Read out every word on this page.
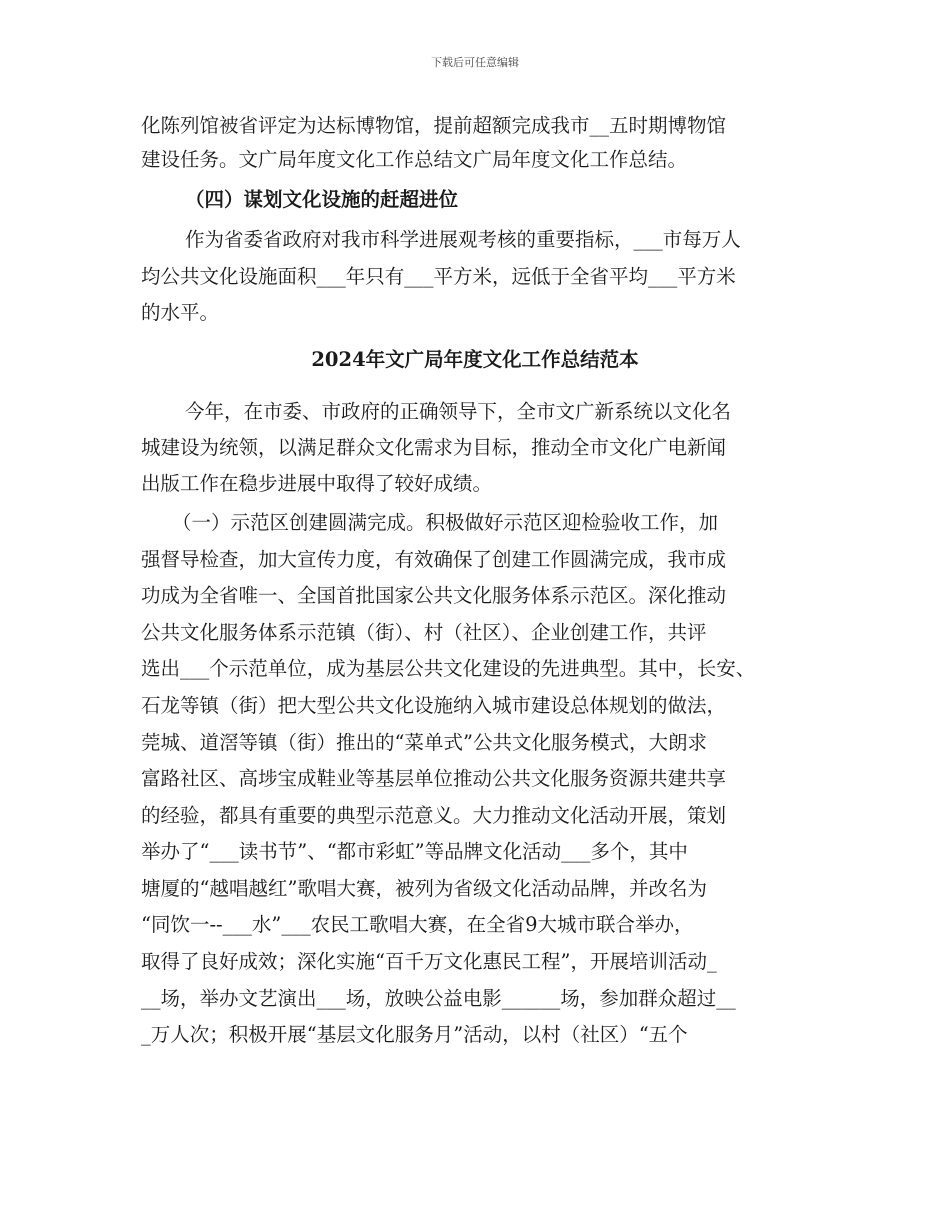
下载后可任意编辑
化陈列馆被省评定为达标博物馆，提前超额完成我市__五时期博物馆
建设任务。文广局年度文化工作总结文广局年度文化工作总结。
（四）谋划文化设施的赶超进位
作为省委省政府对我市科学进展观考核的重要指标，___市每万人
均公共文化设施面积___年只有___平方米，远低于全省平均___平方米
的水平。
2024年文广局年度文化工作总结范本
今年，在市委、市政府的正确领导下，全市文广新系统以文化名
城建设为统领，以满足群众文化需求为目标，推动全市文化广电新闻
出版工作在稳步进展中取得了较好成绩。
（一）示范区创建圆满完成。积极做好示范区迎检验收工作，加
强督导检查，加大宣传力度，有效确保了创建工作圆满完成，我市成
功成为全省唯一、全国首批国家公共文化服务体系示范区。深化推动
公共文化服务体系示范镇（街）、村（社区）、企业创建工作，共评
选出___个示范单位，成为基层公共文化建设的先进典型。其中，长安、
石龙等镇（街）把大型公共文化设施纳入城市建设总体规划的做法，
莞城、道滘等镇（街）推出的“菜单式”公共文化服务模式，大朗求
富路社区、高埗宝成鞋业等基层单位推动公共文化服务资源共建共享
的经验，都具有重要的典型示范意义。大力推动文化活动开展，策划
举办了“___读书节”、“都市彩虹”等品牌文化活动___多个，其中
塘厦的“越唱越红”歌唱大赛，被列为省级文化活动品牌，并改名为
“同饮一--___水”___农民工歌唱大赛，在全省9大城市联合举办，
取得了良好成效；深化实施“百千万文化惠民工程”，开展培训活动_
__场，举办文艺演出___场，放映公益电影______场，参加群众超过__
_万人次；积极开展“基层文化服务月”活动，以村（社区）“五个
